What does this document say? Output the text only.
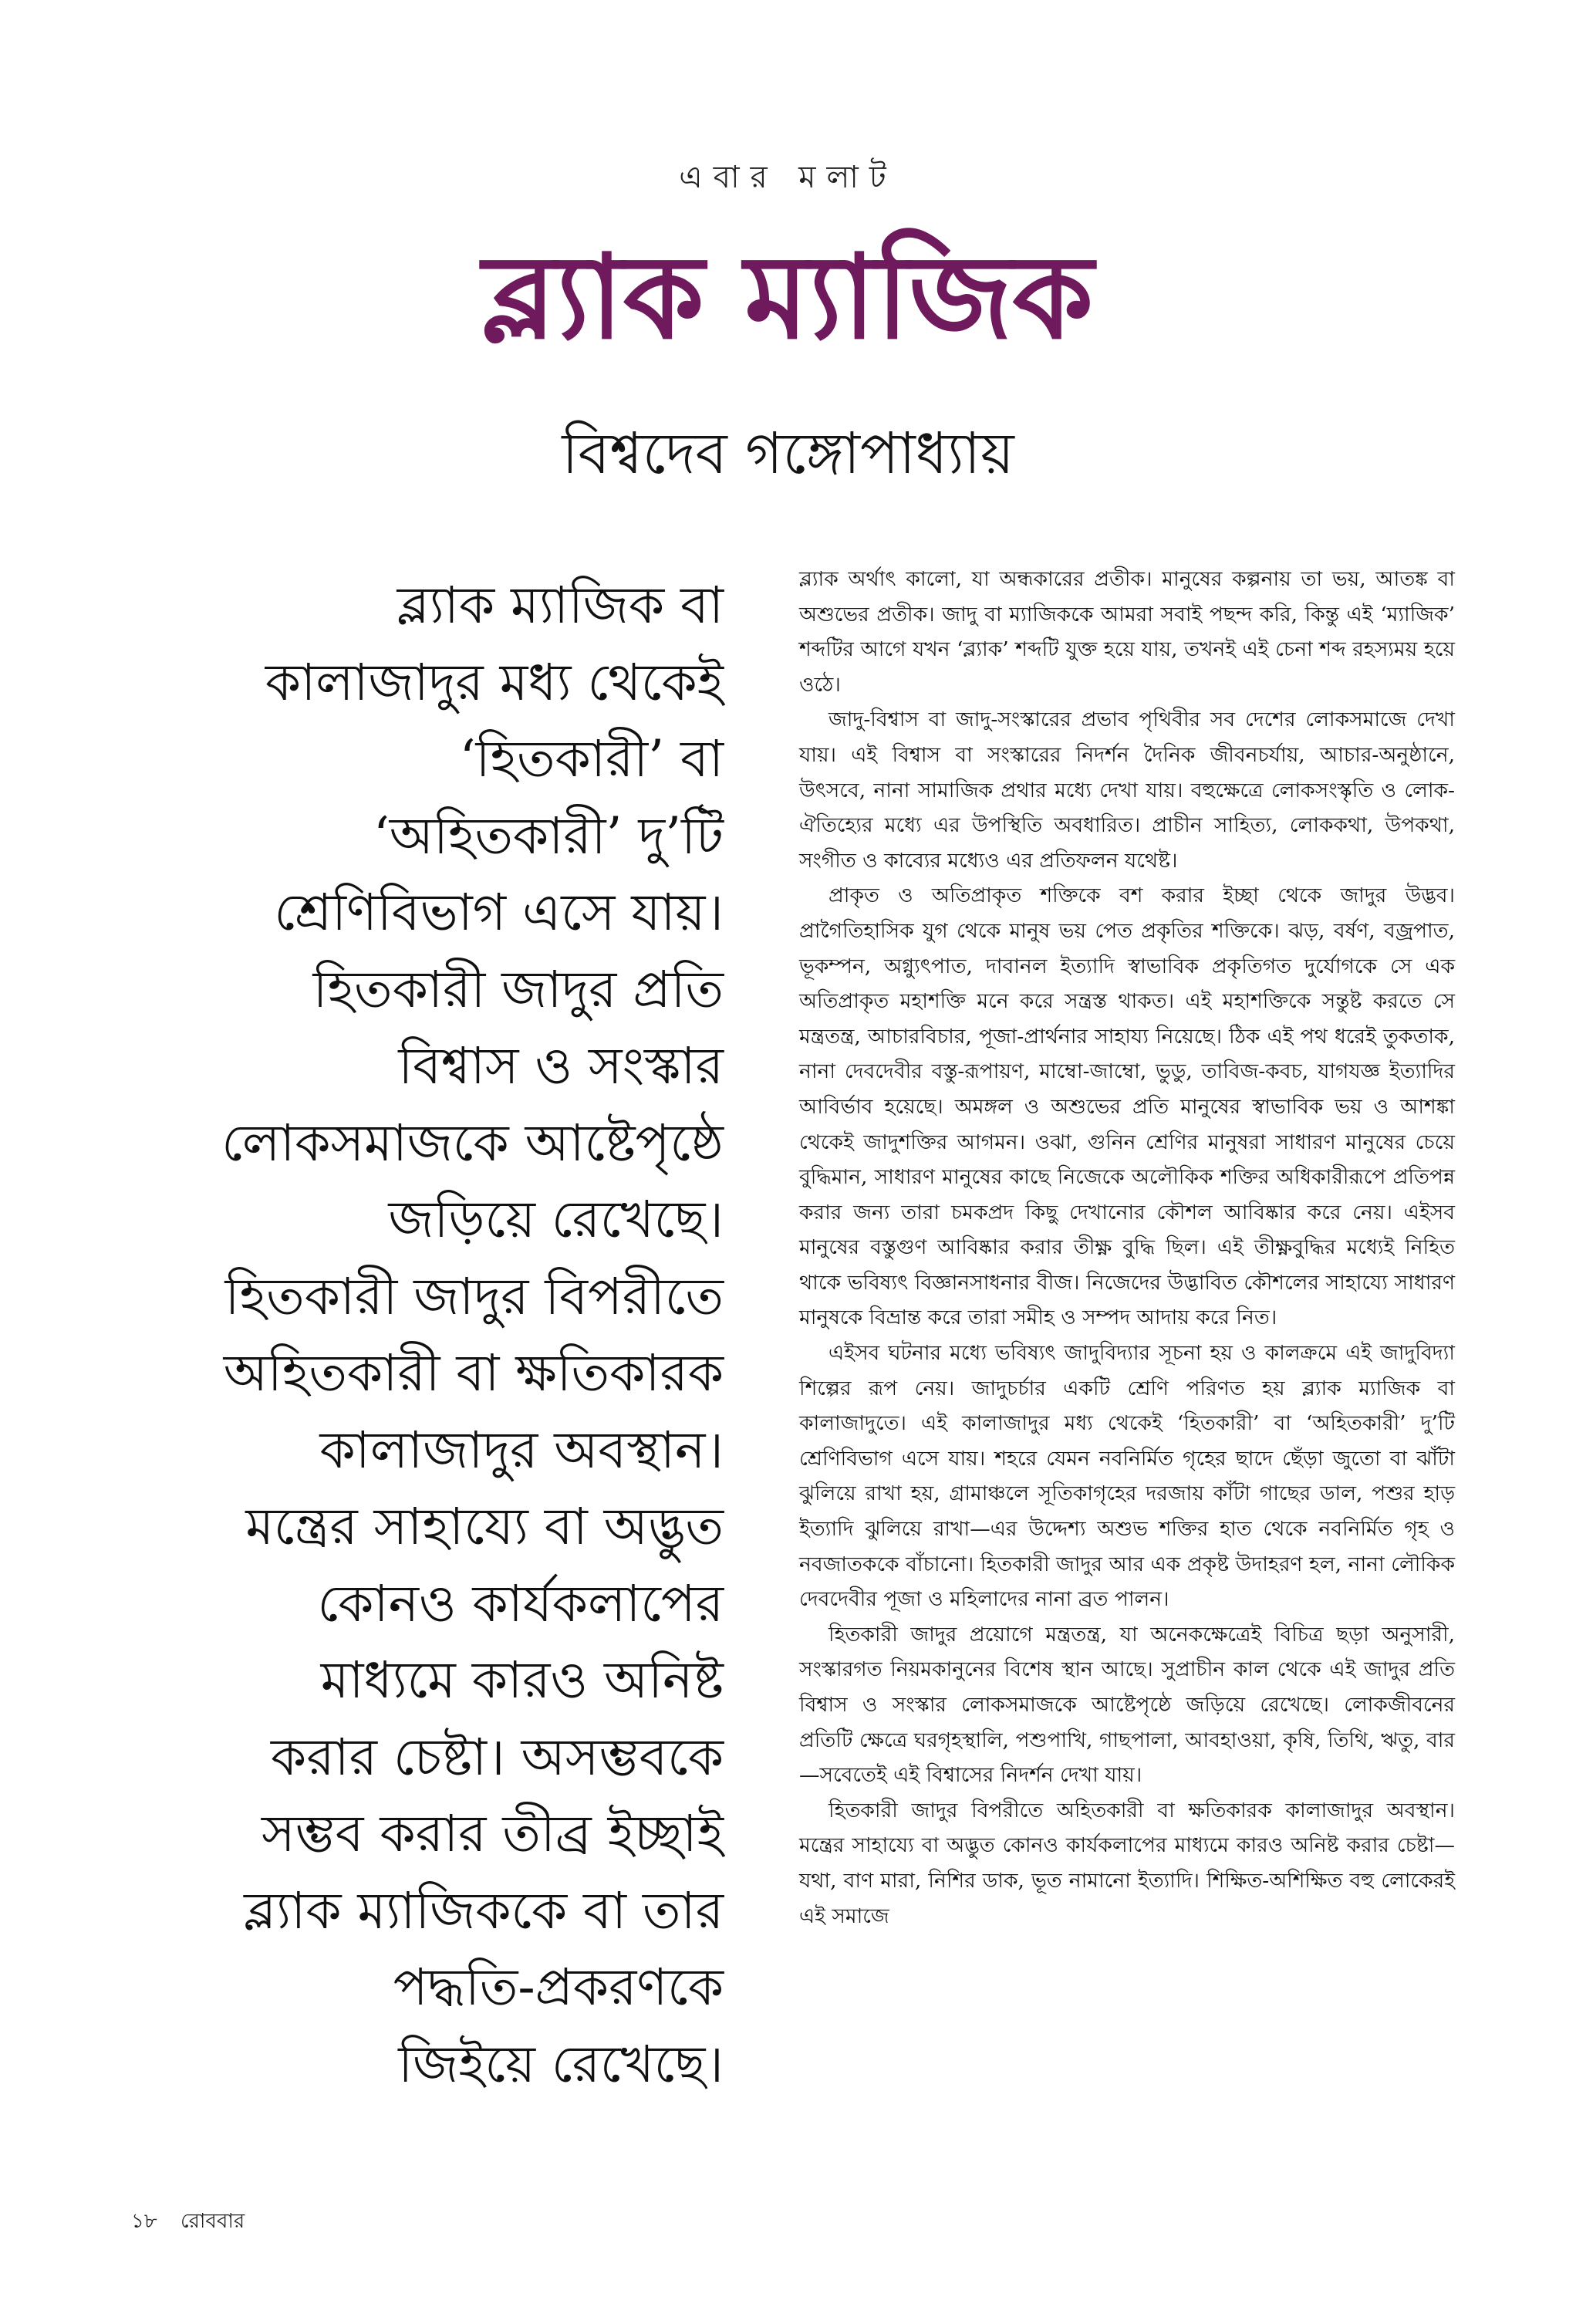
এবার মলাট
ব্ল্যাক ম্যাজিক
বিশ্বদেব গঙ্গোপাধ্যায়
ব্ল্যাক ম্যাজিক বা
কালাজাদুর মধ্য থেকেই
‘হিতকারী’ বা
‘অহিতকারী’ দু’টি
শ্রেণিবিভাগ এসে যায়।
হিতকারী জাদুর প্রতি
বিশ্বাস ও সংস্কার
লোকসমাজকে আষ্টেপৃষ্ঠে
জড়িয়ে রেখেছে।
হিতকারী জাদুর বিপরীতে
অহিতকারী বা ক্ষতিকারক
কালাজাদুর অবস্থান।
মন্ত্রের সাহায্যে বা অদ্ভুত
কোনও কার্যকলাপের
মাধ্যমে কারও অনিষ্ট
করার চেষ্টা। অসম্ভবকে
সম্ভব করার তীব্র ইচ্ছাই
ব্ল্যাক ম্যাজিককে বা তার
পদ্ধতি-প্রকরণকে
জিইয়ে রেখেছে।

ব্ল্যাক অর্থাৎ কালো, যা অন্ধকারের প্রতীক। মানুষের কল্পনায় তা ভয়, আতঙ্ক বা অশুভের প্রতীক। জাদু বা ম্যাজিককে আমরা সবাই পছন্দ করি, কিন্তু এই ‘ম্যাজিক’ শব্দটির আগে যখন ‘ব্ল্যাক’ শব্দটি যুক্ত হয়ে যায়, তখনই এই চেনা শব্দ রহস্যময় হয়ে ওঠে।

জাদু-বিশ্বাস বা জাদু-সংস্কারের প্রভাব পৃথিবীর সব দেশের লোকসমাজে দেখা যায়। এই বিশ্বাস বা সংস্কারের নিদর্শন দৈনিক জীবনচর্যায়, আচার-অনুষ্ঠানে, উৎসবে, নানা সামাজিক প্রথার মধ্যে দেখা যায়। বহুক্ষেত্রে লোকসংস্কৃতি ও লোক-ঐতিহ্যের মধ্যে এর উপস্থিতি অবধারিত। প্রাচীন সাহিত্য, লোককথা, উপকথা, সংগীত ও কাব্যের মধ্যেও এর প্রতিফলন যথেষ্ট।

প্রাকৃত ও অতিপ্রাকৃত শক্তিকে বশ করার ইচ্ছা থেকে জাদুর উদ্ভব। প্রাগৈতিহাসিক যুগ থেকে মানুষ ভয় পেত প্রকৃতির শক্তিকে। ঝড়, বর্ষণ, বজ্রপাত, ভূকম্পন, অগ্ন্যুৎপাত, দাবানল ইত্যাদি স্বাভাবিক প্রকৃতিগত দুর্যোগকে সে এক অতিপ্রাকৃত মহাশক্তি মনে করে সন্ত্রস্ত থাকত। এই মহাশক্তিকে সন্তুষ্ট করতে সে মন্ত্রতন্ত্র, আচারবিচার, পূজা-প্রার্থনার সাহায্য নিয়েছে। ঠিক এই পথ ধরেই তুকতাক, নানা দেবদেবীর বস্তু-রূপায়ণ, মাম্বো-জাম্বো, ভুডু, তাবিজ-কবচ, যাগযজ্ঞ ইত্যাদির আবির্ভাব হয়েছে। অমঙ্গল ও অশুভের প্রতি মানুষের স্বাভাবিক ভয় ও আশঙ্কা থেকেই জাদুশক্তির আগমন। ওঝা, গুনিন শ্রেণির মানুষরা সাধারণ মানুষের চেয়ে বুদ্ধিমান, সাধারণ মানুষের কাছে নিজেকে অলৌকিক শক্তির অধিকারীরূপে প্রতিপন্ন করার জন্য তারা চমকপ্রদ কিছু দেখানোর কৌশল আবিষ্কার করে নেয়। এইসব মানুষের বস্তুগুণ আবিষ্কার করার তীক্ষ্ণ বুদ্ধি ছিল। এই তীক্ষ্ণবুদ্ধির মধ্যেই নিহিত থাকে ভবিষ্যৎ বিজ্ঞানসাধনার বীজ। নিজেদের উদ্ভাবিত কৌশলের সাহায্যে সাধারণ মানুষকে বিভ্রান্ত করে তারা সমীহ ও সম্পদ আদায় করে নিত।

এইসব ঘটনার মধ্যে ভবিষ্যৎ জাদুবিদ্যার সূচনা হয় ও কালক্রমে এই জাদুবিদ্যা শিল্পের রূপ নেয়। জাদুচর্চার একটি শ্রেণি পরিণত হয় ব্ল্যাক ম্যাজিক বা কালাজাদুতে। এই কালাজাদুর মধ্য থেকেই ‘হিতকারী’ বা ‘অহিতকারী’ দু’টি শ্রেণিবিভাগ এসে যায়। শহরে যেমন নবনির্মিত গৃহের ছাদে ছেঁড়া জুতো বা ঝাঁটা ঝুলিয়ে রাখা হয়, গ্রামাঞ্চলে সূতিকাগৃহের দরজায় কাঁটা গাছের ডাল, পশুর হাড় ইত্যাদি ঝুলিয়ে রাখা—এর উদ্দেশ্য অশুভ শক্তির হাত থেকে নবনির্মিত গৃহ ও নবজাতককে বাঁচানো। হিতকারী জাদুর আর এক প্রকৃষ্ট উদাহরণ হল, নানা লৌকিক দেবদেবীর পূজা ও মহিলাদের নানা ব্রত পালন।

হিতকারী জাদুর প্রয়োগে মন্ত্রতন্ত্র, যা অনেকক্ষেত্রেই বিচিত্র ছড়া অনুসারী, সংস্কারগত নিয়মকানুনের বিশেষ স্থান আছে। সুপ্রাচীন কাল থেকে এই জাদুর প্রতি বিশ্বাস ও সংস্কার লোকসমাজকে আষ্টেপৃষ্ঠে জড়িয়ে রেখেছে। লোকজীবনের প্রতিটি ক্ষেত্রে ঘরগৃহস্থালি, পশুপাখি, গাছপালা, আবহাওয়া, কৃষি, তিথি, ঋতু, বার—সবেতেই এই বিশ্বাসের নিদর্শন দেখা যায়।

হিতকারী জাদুর বিপরীতে অহিতকারী বা ক্ষতিকারক কালাজাদুর অবস্থান। মন্ত্রের সাহায্যে বা অদ্ভুত কোনও কার্যকলাপের মাধ্যমে কারও অনিষ্ট করার চেষ্টা—যথা, বাণ মারা, নিশির ডাক, ভূত নামানো ইত্যাদি। শিক্ষিত-অশিক্ষিত বহু লোকেরই এই সমাজে

১৮ রোববার
